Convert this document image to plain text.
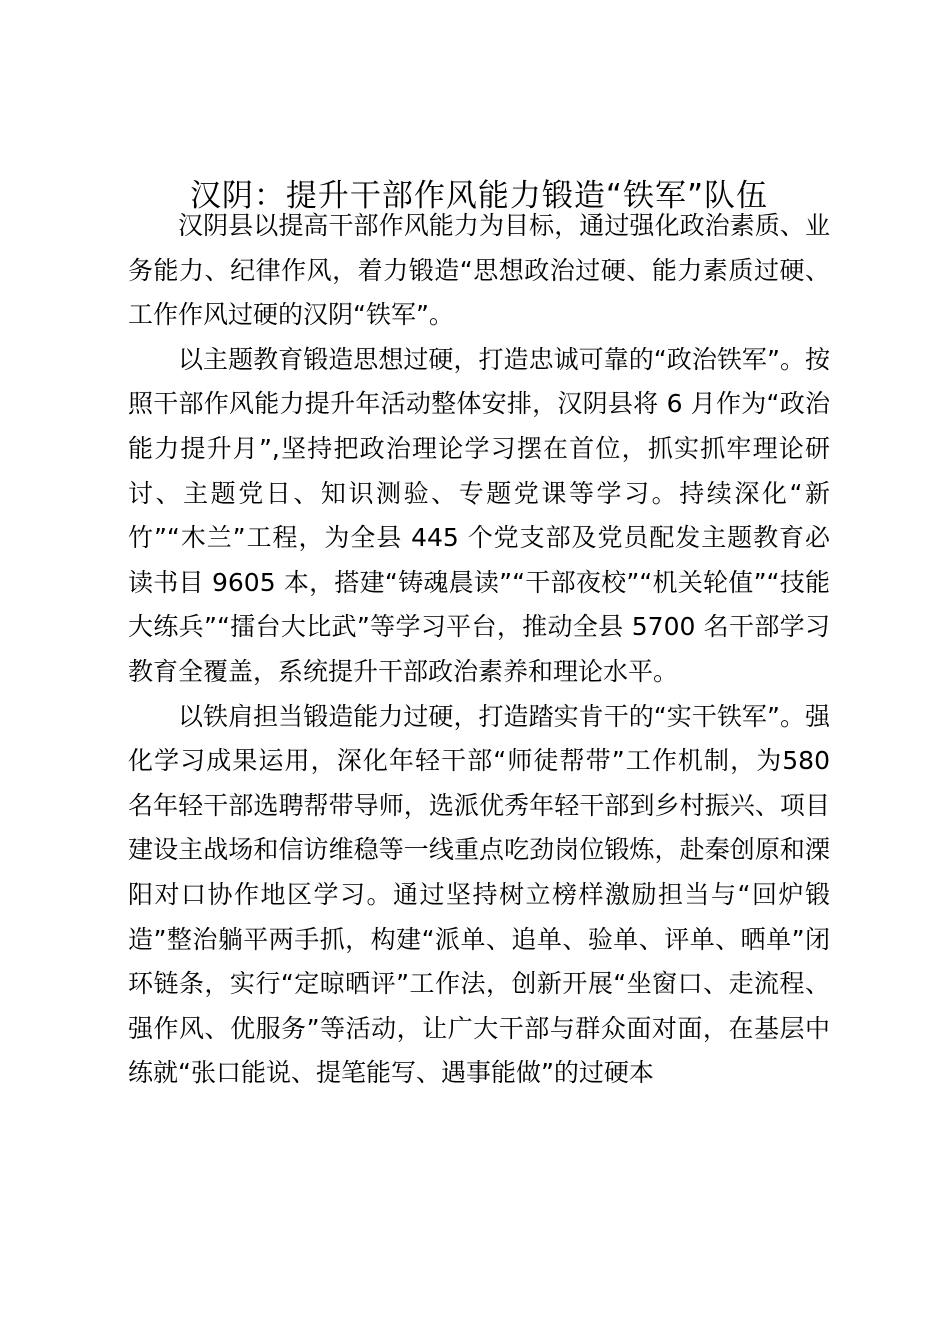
汉阴：提升干部作风能力锻造“铁军”队伍

汉阴县以提高干部作风能力为目标，通过强化政治素质、业务能力、纪律作风，着力锻造“思想政治过硬、能力素质过硬、工作作风过硬的汉阴“铁军”。

以主题教育锻造思想过硬，打造忠诚可靠的“政治铁军”。按照干部作风能力提升年活动整体安排，汉阴县将 6 月作为“政治能力提升月”,坚持把政治理论学习摆在首位，抓实抓牢理论研讨、主题党日、知识测验、专题党课等学习。持续深化“新竹”“木兰”工程，为全县 445 个党支部及党员配发主题教育必读书目 9605 本，搭建“铸魂晨读”“干部夜校”“机关轮值”“技能大练兵”“擂台大比武”等学习平台，推动全县 5700 名干部学习教育全覆盖，系统提升干部政治素养和理论水平。

以铁肩担当锻造能力过硬，打造踏实肯干的“实干铁军”。强化学习成果运用，深化年轻干部“师徒帮带”工作机制，为580 名年轻干部选聘帮带导师，选派优秀年轻干部到乡村振兴、项目建设主战场和信访维稳等一线重点吃劲岗位锻炼，赴秦创原和溧阳对口协作地区学习。通过坚持树立榜样激励担当与“回炉锻造”整治躺平两手抓，构建“派单、追单、验单、评单、晒单”闭环链条，实行“定晾晒评”工作法，创新开展“坐窗口、走流程、强作风、优服务”等活动，让广大干部与群众面对面，在基层中练就“张口能说、提笔能写、遇事能做”的过硬本
